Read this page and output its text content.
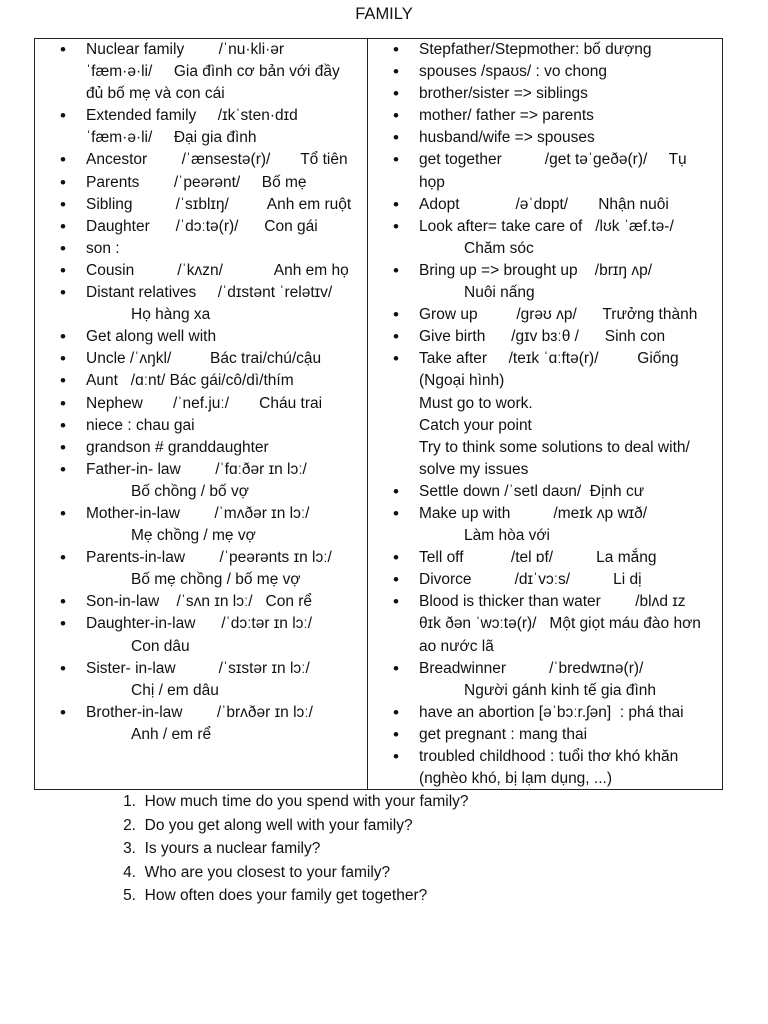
FAMILY
• Nuclear family        /ˈnu·kli·ər
ˈfæm·ə·li/     Gia đình cơ bản với đầy
đủ bố mẹ và con cái
• Extended family     /ɪkˈsten·dɪd
ˈfæm·ə·li/     Đại gia đình
• Ancestor        /ˈænsestə(r)/       Tổ tiên
• Parents        /ˈpeərənt/     Bố mẹ
• Sibling          /ˈsɪblɪŋ/         Anh em ruột
• Daughter      /ˈdɔːtə(r)/      Con gái
• son :
• Cousin          /ˈkʌzn/            Anh em họ
• Distant relatives     /ˈdɪstənt ˈrelətɪv/
Họ hàng xa
• Get along well with
• Uncle /ˈʌŋkl/         Bác trai/chú/cậu
• Aunt   /ɑːnt/ Bác gái/cô/dì/thím
• Nephew       /ˈnef.juː/       Cháu trai
• niece : chau gai
• grandson # granddaughter
• Father-in- law        /ˈfɑːðər ɪn lɔː/
Bố chồng / bố vợ
• Mother-in-law        /ˈmʌðər ɪn lɔː/
Mẹ chồng / mẹ vợ
• Parents-in-law        /ˈpeərənts ɪn lɔː/
Bố mẹ chồng / bố mẹ vợ
• Son-in-law    /ˈsʌn ɪn lɔː/   Con rể
• Daughter-in-law      /ˈdɔːtər ɪn lɔː/
Con dâu
• Sister- in-law          /ˈsɪstər ɪn lɔː/
Chị / em dâu
• Brother-in-law        /ˈbrʌðər ɪn lɔː/
Anh / em rể
• Stepfather/Stepmother: bố dượng
• spouses /spaʊs/ : vo chong
• brother/sister => siblings
• mother/ father => parents
• husband/wife => spouses
• get together          /get təˈɡeðə(r)/     Tụ
họp
• Adopt             /əˈdɒpt/       Nhận nuôi
• Look after= take care of   /lʊk ˈæf.tə-/
Chăm sóc
• Bring up => brought up    /brɪŋ ʌp/
Nuôi nấng
• Grow up         /ɡrəʊ ʌp/      Trưởng thành
• Give birth      /ɡɪv bɜːθ /      Sinh con
• Take after     /teɪk ˈɑːftə(r)/         Giống
(Ngoại hình)
Must go to work.
Catch your point
Try to think some solutions to deal with/
solve my issues
• Settle down /ˈsetl daʊn/  Định cư
• Make up with          /meɪk ʌp wɪð/
Làm hòa với
• Tell off           /tel ɒf/          La mắng
• Divorce          /dɪˈvɔːs/          Li dị
• Blood is thicker than water        /blʌd ɪz
θɪk ðən ˈwɔːtə(r)/   Một giọt máu đào hơn
ao nước lã
• Breadwinner          /ˈbredwɪnə(r)/
Người gánh kinh tế gia đình
• have an abortion [əˈbɔːr.ʃən]  : phá thai
• get pregnant : mang thai
• troubled childhood : tuổi thơ khó khăn
(nghèo khó, bị lạm dụng, ...)
1. How much time do you spend with your family?
2. Do you get along well with your family?
3. Is yours a nuclear family?
4. Who are you closest to your family?
5. How often does your family get together?
